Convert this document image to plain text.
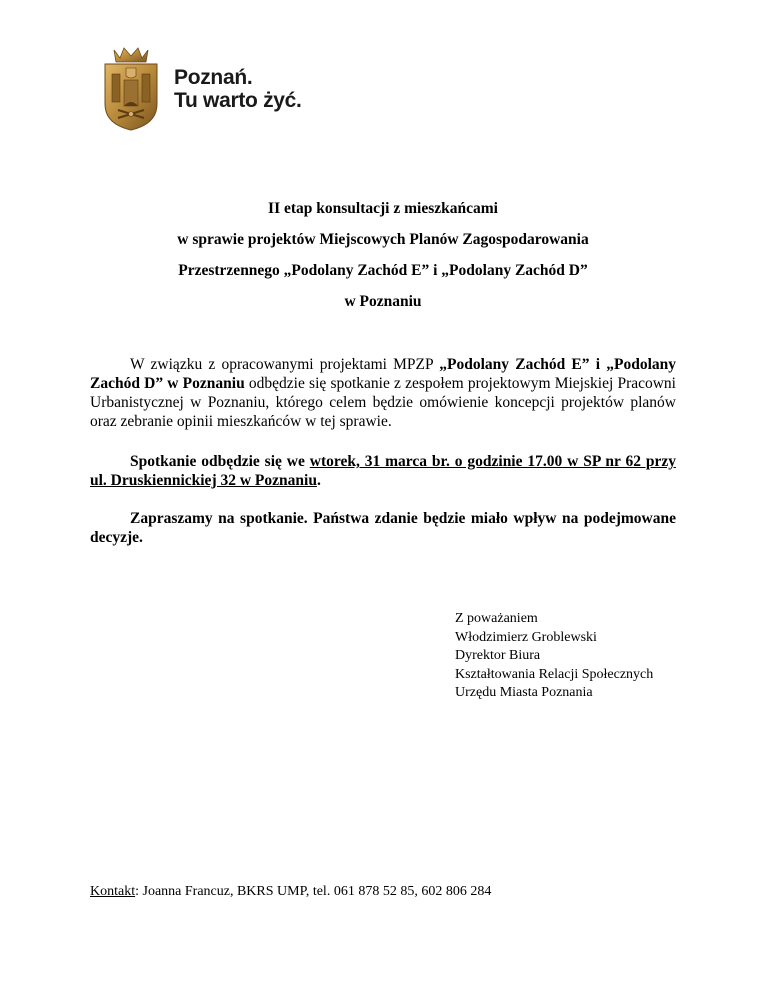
Poznań.
Tu warto żyć.
II etap konsultacji z mieszkańcami
w sprawie projektów Miejscowych Planów Zagospodarowania
Przestrzennego „Podolany Zachód E” i „Podolany Zachód D”
w Poznaniu
W związku z opracowanymi projektami MPZP „Podolany Zachód E” i „Podolany Zachód D” w Poznaniu odbędzie się spotkanie z zespołem projektowym Miejskiej Pracowni Urbanistycznej w Poznaniu, którego celem będzie omówienie koncepcji projektów planów oraz zebranie opinii mieszkańców w tej sprawie.
Spotkanie odbędzie się we wtorek, 31 marca br. o godzinie 17.00 w SP nr 62 przy ul. Druskiennickiej 32 w Poznaniu.
Zapraszamy na spotkanie. Państwa zdanie będzie miało wpływ na podejmowane decyzje.
Z poważaniem
Włodzimierz Groblewski
Dyrektor Biura
Kształtowania Relacji Społecznych
Urzędu Miasta Poznania
Kontakt: Joanna Francuz, BKRS UMP, tel. 061 878 52 85, 602 806 284
